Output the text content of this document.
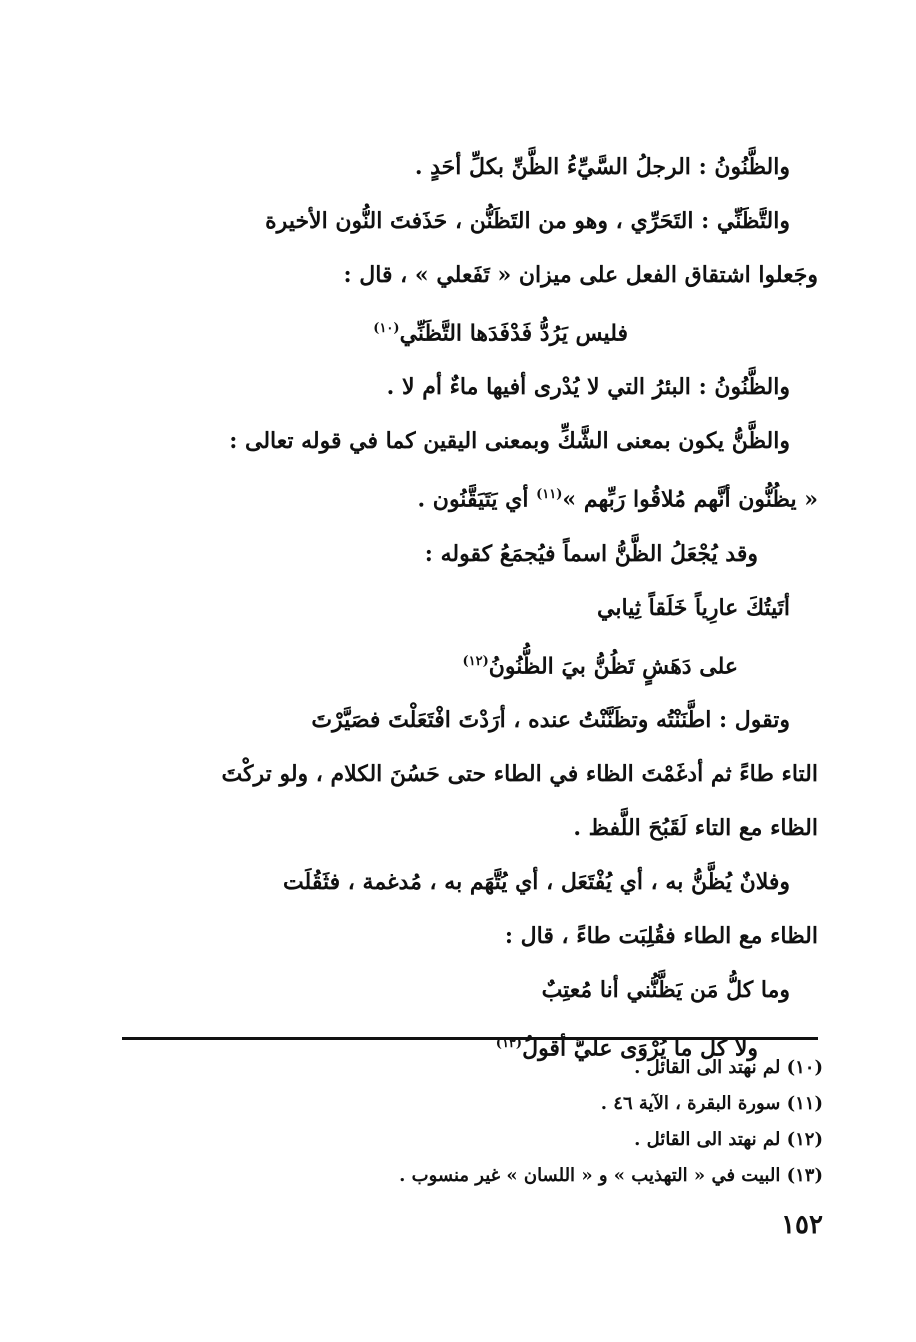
والظَّنُونُ : الرجلُ السَّيِّءُ الظَّنِّ بكلِّ أحَدٍ .

والتَّظَنِّي : التَحَرِّي ، وهو من التَظَنُّن ، حَذَفتَ النُّون الأخيرة

وجَعلوا اشتقاق الفعل على ميزان « تَفَعلي » ، قال :

فليس يَرُدُّ فَدْفَدَها التَّظَنِّي$^{(١٠)}$

والظَّنُونُ : البئرُ التي لا يُدْرى أفيها ماءٌ أم لا .

والظَّنُّ يكون بمعنى الشَّكِّ وبمعنى اليقين كما في قوله تعالى :

« يظُنُّون أنَّهم مُلاقُوا رَبِّهم »$^{(١١)}$ أي يَتَيَقَّنُون .

وقد يُجْعَلُ الظَّنُّ اسماً فيُجمَعُ كقوله :

أتَيتُكَ عارِياً خَلَقاً ثِيابي

على دَهَشٍ تَظُنُّ بيَ الظُّنُونُ$^{(١٢)}$

وتقول : اطَّنَنْتُه وتظَنَّنْتُ عنده ، أرَدْتَ افْتَعَلْتَ فصَيَّرْتَ

التاء طاءً ثم أدغَمْتَ الظاء في الطاء حتى حَسُنَ الكلام ، ولو تركْتَ

الظاء مع التاء لَقَبُحَ اللَّفظ .

وفلانٌ يُظَّنُّ به ، أي يُفْتَعَل ، أي يُتَّهَم به ، مُدغمة ، فثَقُلَت

الظاء مع الطاء فقُلِبَت طاءً ، قال :

وما كلُّ مَن يَظَّنُّني أنا مُعتِبٌ

ولا كل ما يُرْوَى عليَّ أقولُ$^{(١٣)}$

(١٠) لم نهتد الى القائل .

(١١) سورة البقرة ، الآية ٤٦ .

(١٢) لم نهتد الى القائل .

(١٣) البيت في « التهذيب » و « اللسان » غير منسوب .

١٥٢
